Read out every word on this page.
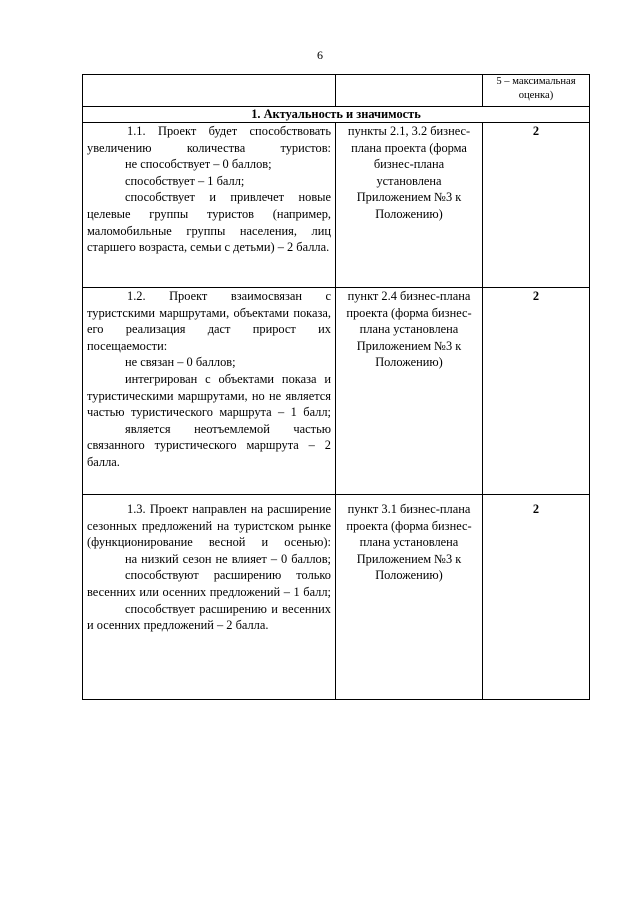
6
		5 – максимальная оценка)
1. Актуальность и значимость		

1.1. Проект будет способствовать увеличению количества туристов:

не способствует – 0 баллов;

способствует – 1 балл;

способствует и привлечет новые целевые группы туристов (например, маломобильные группы населения, лиц старшего возраста, семьи с детьми) – 2 балла.	пункты 2.1, 3.2 бизнес-плана проекта (форма бизнес-плана установлена Приложением №3 к Положению)	2

1.2. Проект взаимосвязан с туристскими маршрутами, объектами показа, его реализация даст прирост их посещаемости:

не связан – 0 баллов;

интегрирован с объектами показа и туристическими маршрутами, но не является частью туристического маршрута – 1 балл;

является неотъемлемой частью связанного туристического маршрута – 2 балла.	пункт 2.4 бизнес-плана проекта (форма бизнес-плана установлена Приложением №3 к Положению)	2

1.3. Проект направлен на расширение сезонных предложений на туристском рынке (функционирование весной и осенью):

на низкий сезон не влияет – 0 баллов;

способствуют расширению только весенних или осенних предложений – 1 балл;

способствует расширению и весенних и осенних предложений – 2 балла.	пункт 3.1 бизнес-плана проекта (форма бизнес-плана установлена Приложением №3 к Положению)	2
